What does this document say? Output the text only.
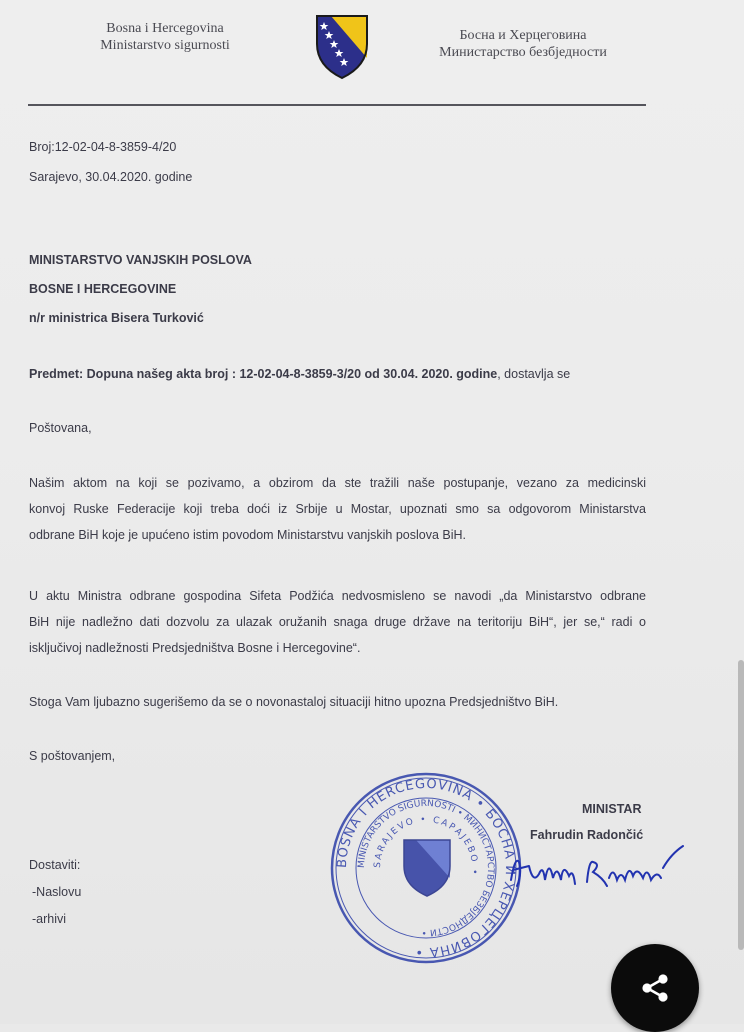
Bosna i Hercegovina
Ministarstvo sigurnosti
Босна и Херцеговина
Министарство безбједности
Broj:12-02-04-8-3859-4/20
Sarajevo, 30.04.2020. godine
MINISTARSTVO VANJSKIH POSLOVA
BOSNE I HERCEGOVINE
n/r ministrica Bisera Turković
Predmet: Dopuna našeg akta broj : 12-02-04-8-3859-3/20 od 30.04. 2020. godine, dostavlja se
Poštovana,
Našim aktom na koji se pozivamo, a obzirom da ste tražili naše postupanje, vezano za medicinski
konvoj Ruske Federacije koji treba doći iz Srbije u Mostar, upoznati smo sa odgovorom Ministarstva
odbrane BiH koje je upućeno istim povodom Ministarstvu vanjskih poslova BiH.
U aktu Ministra odbrane gospodina Sifeta Podžića nedvosmisleno se navodi „da Ministarstvo odbrane
BiH nije nadležno dati dozvolu za ulazak oružanih snaga druge države na teritoriju BiH“, jer se,“ radi o
isključivoj nadležnosti Predsjedništva Bosne i Hercegovine“.
Stoga Vam ljubazno sugerišemo da se o novonastaloj situaciji hitno upozna Predsjedništvo BiH.
S poštovanjem,
BOSNA I HERCEGOVINA • БОСНА И ХЕРЦЕГОВИНА •
MINISTARSTVO SIGURNOSTI • МИНИСТАРСТВО БЕЗБЈЕДНОСТИ •
SARAJEVO • САРАЈЕВО •
MINISTAR
Fahrudin Radončić
Dostaviti:
-Naslovu
-arhivi
